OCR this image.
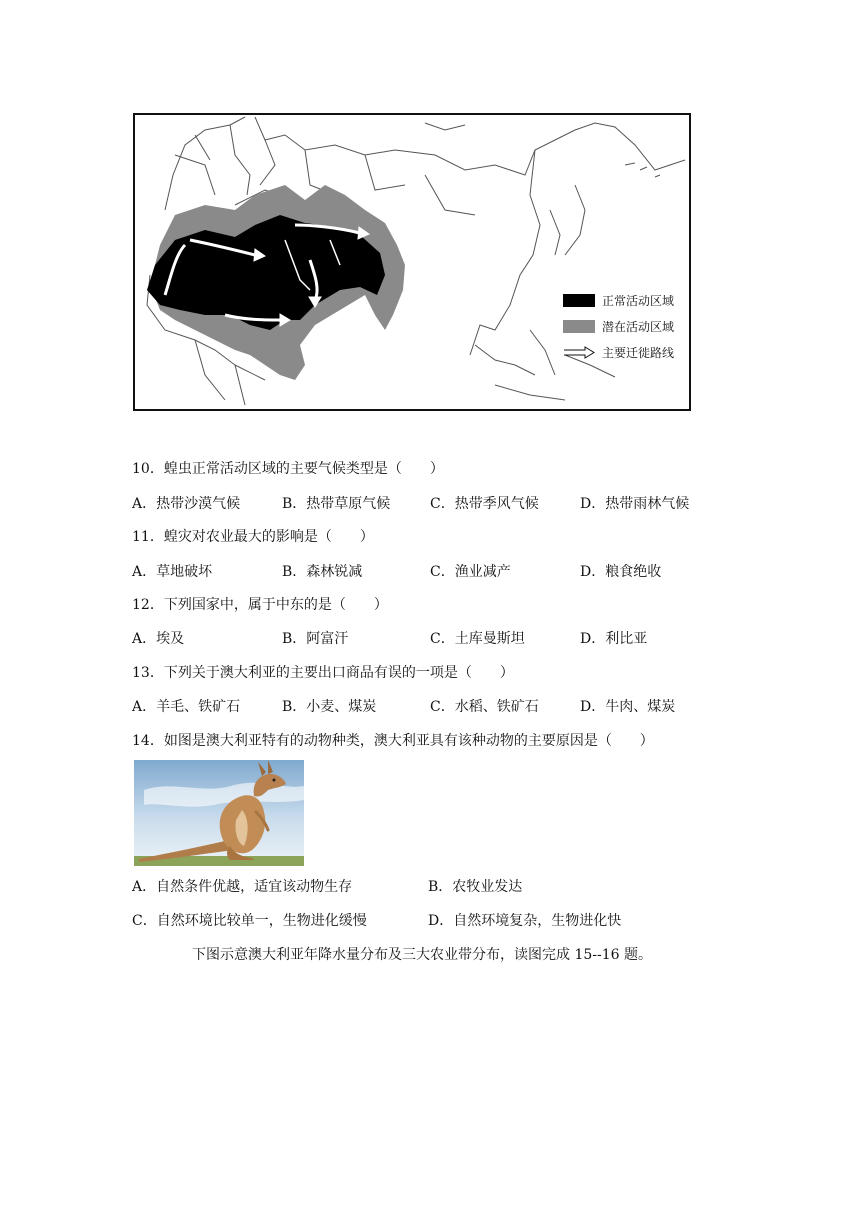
正常活动区域
潜在活动区域
主要迁徙路线
10．蝗虫正常活动区域的主要气候类型是（　　）
A．热带沙漠气候	B．热带草原气候	C．热带季风气候	D．热带雨林气候
11．蝗灾对农业最大的影响是（　　）
A．草地破坏	B．森林锐减	C．渔业减产	D．粮食绝收
12．下列国家中，属于中东的是（　　）
A．埃及	B．阿富汗	C．土库曼斯坦	D．利比亚
13．下列关于澳大利亚的主要出口商品有误的一项是（　　）
A．羊毛、铁矿石	B．小麦、煤炭	C．水稻、铁矿石	D．牛肉、煤炭
14．如图是澳大利亚特有的动物种类，澳大利亚具有该种动物的主要原因是（　　）
A．自然条件优越，适宜该动物生存	B．农牧业发达
C．自然环境比较单一，生物进化缓慢	D．自然环境复杂，生物进化快
下图示意澳大利亚年降水量分布及三大农业带分布，读图完成 15--16 题。
